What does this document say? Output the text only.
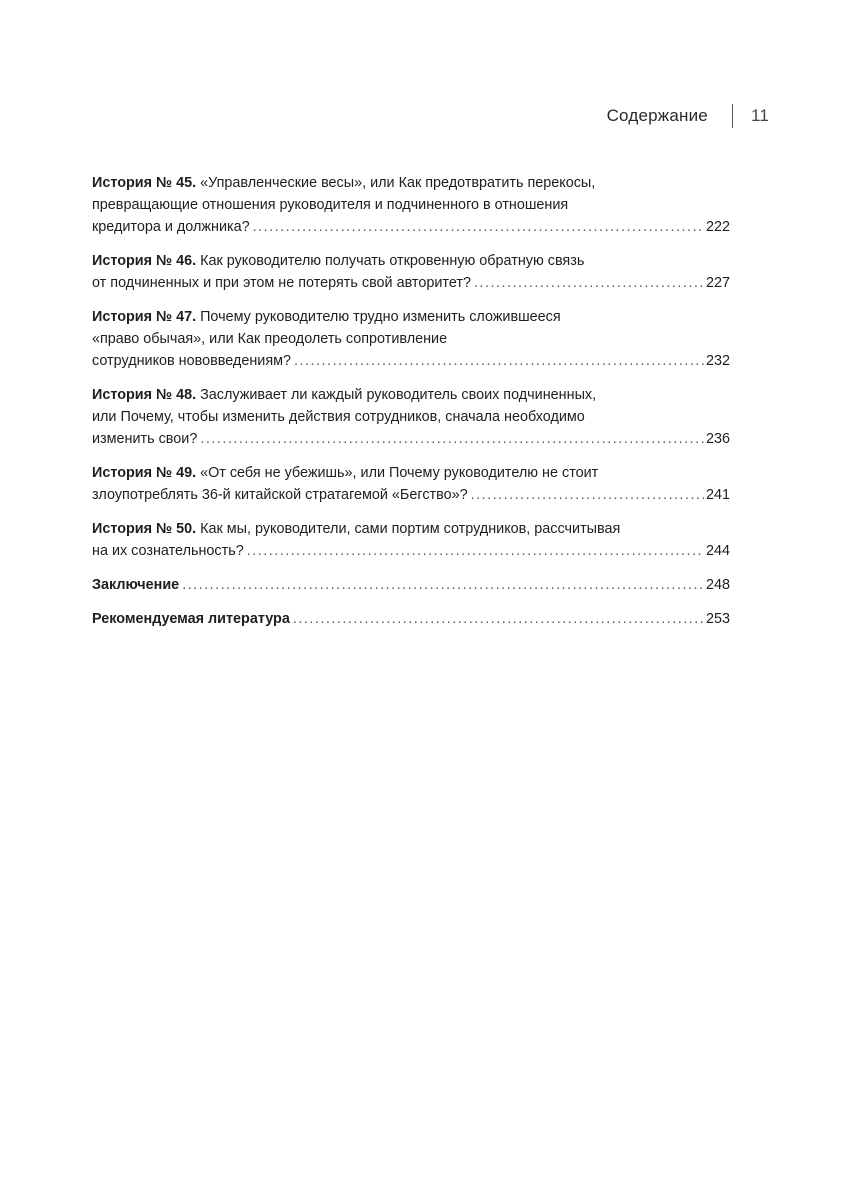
Содержание	11
История № 45. «Управленческие весы», или Как предотвратить перекосы,
превращающие отношения руководителя и подчиненного в отношения
кредитора и должника? .....	222
История № 46. Как руководителю получать откровенную обратную связь
от подчиненных и при этом не потерять свой авторитет? .....	227
История № 47. Почему руководителю трудно изменить сложившееся
«право обычая», или Как преодолеть сопротивление
сотрудников нововведениям? .....	232
История № 48. Заслуживает ли каждый руководитель своих подчиненных,
или Почему, чтобы изменить действия сотрудников, сначала необходимо
изменить свои? .....	236
История № 49. «От себя не убежишь», или Почему руководителю не стоит
злоупотреблять 36-й китайской стратагемой «Бегство»? .....	241
История № 50. Как мы, руководители, сами портим сотрудников, рассчитывая
на их сознательность? .....	244
Заключение .....	248
Рекомендуемая литература .....	253
